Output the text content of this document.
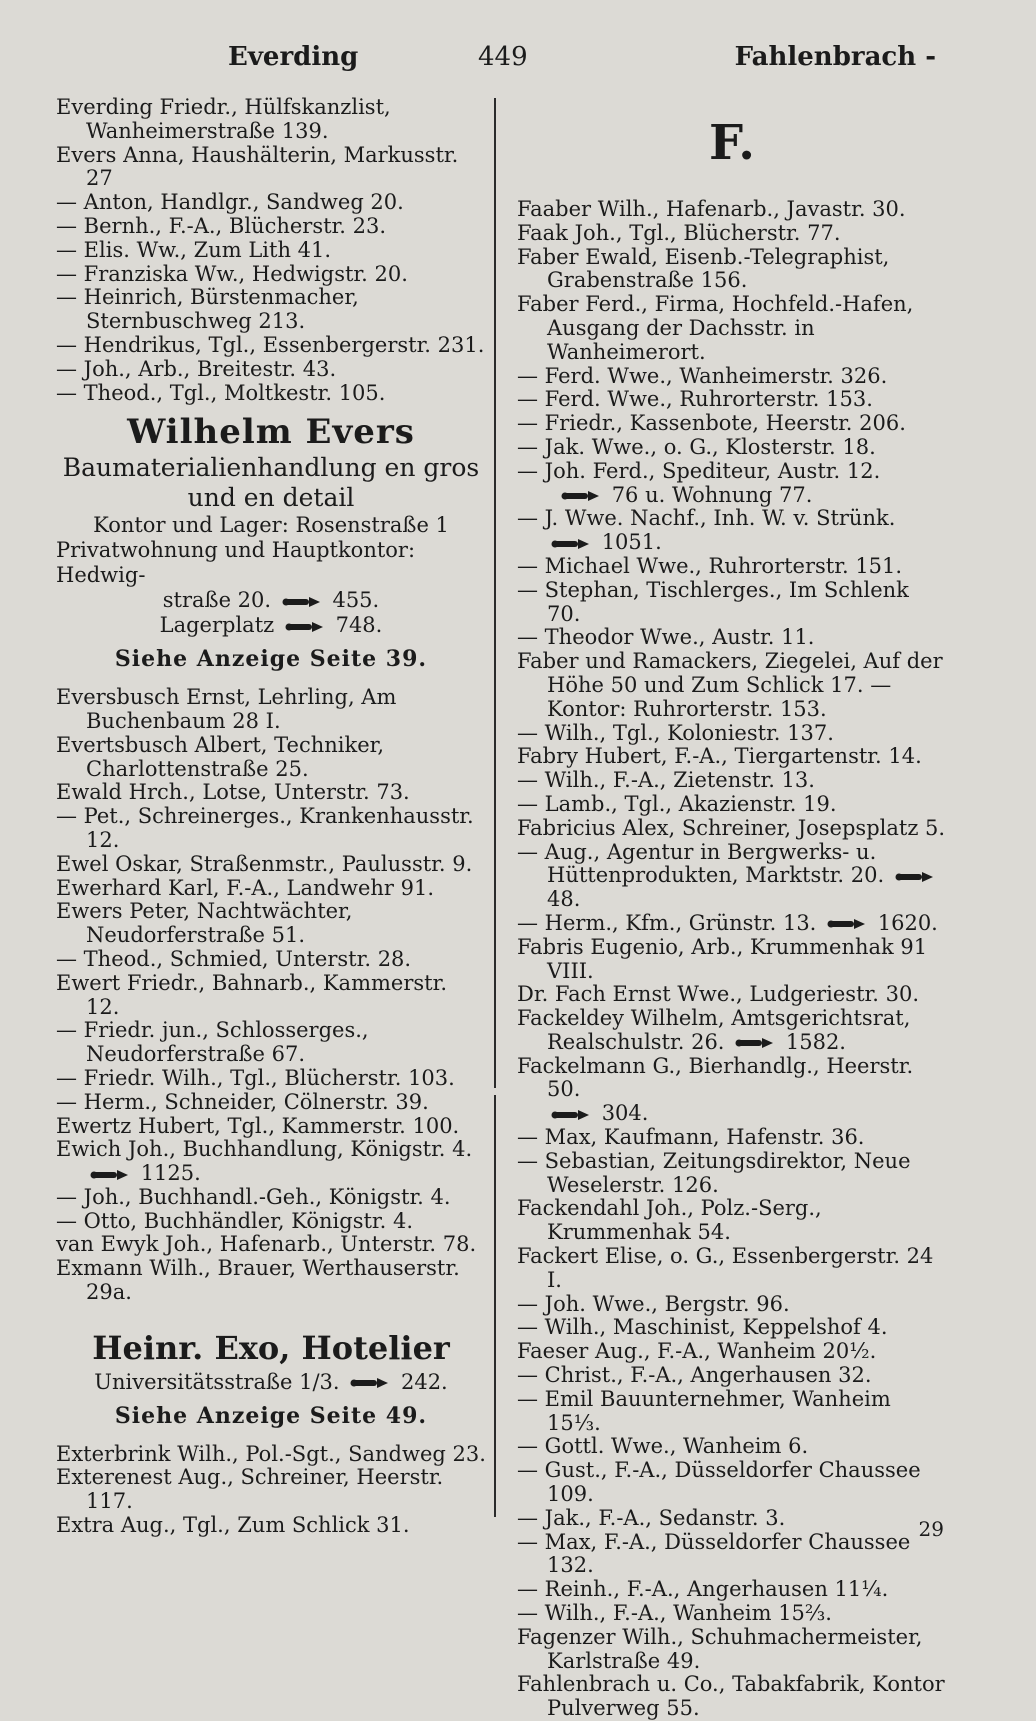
Everding	449	Fahlenbrach -

Everding Friedr., Hülfskanzlist, Wanheimerstraße 139.

Evers Anna, Haushälterin, Markusstr. 27

— Anton, Handlgr., Sandweg 20.

— Bernh., F.-A., Blücherstr. 23.

— Elis. Ww., Zum Lith 41.

— Franziska Ww., Hedwigstr. 20.

— Heinrich, Bürstenmacher, Sternbuschweg 213.

— Hendrikus, Tgl., Essenbergerstr. 231.

— Joh., Arb., Breitestr. 43.

— Theod., Tgl., Moltkestr. 105.

Wilhelm Evers
Baumaterialienhandlung en gros
und en detail
Kontor und Lager: Rosenstraße 1
Privatwohnung und Hauptkontor: Hedwig-
straße 20.	455.
Lagerplatz	748.
Siehe Anzeige Seite 39.

Eversbusch Ernst, Lehrling, Am Buchenbaum 28 I.

Evertsbusch Albert, Techniker, Charlottenstraße 25.

Ewald Hrch., Lotse, Unterstr. 73.

— Pet., Schreinerges., Krankenhausstr. 12.

Ewel Oskar, Straßenmstr., Paulusstr. 9.

Ewerhard Karl, F.-A., Landwehr 91.

Ewers Peter, Nachtwächter, Neudorferstraße 51.

— Theod., Schmied, Unterstr. 28.

Ewert Friedr., Bahnarb., Kammerstr. 12.

— Friedr. jun., Schlosserges., Neudorferstraße 67.

— Friedr. Wilh., Tgl., Blücherstr. 103.

— Herm., Schneider, Cölnerstr. 39.

Ewertz Hubert, Tgl., Kammerstr. 100.

Ewich Joh., Buchhandlung, Königstr. 4.
1125.

— Joh., Buchhandl.-Geh., Königstr. 4.

— Otto, Buchhändler, Königstr. 4.

van Ewyk Joh., Hafenarb., Unterstr. 78.

Exmann Wilh., Brauer, Werthauserstr. 29a.

Heinr. Exo, Hotelier
Universitätsstraße 1/3.	242.
Siehe Anzeige Seite 49.

Exterbrink Wilh., Pol.-Sgt., Sandweg 23.

Exterenest Aug., Schreiner, Heerstr. 117.

Extra Aug., Tgl., Zum Schlick 31.

F.

Faaber Wilh., Hafenarb., Javastr. 30.

Faak Joh., Tgl., Blücherstr. 77.

Faber Ewald, Eisenb.-Telegraphist, Grabenstraße 156.

Faber Ferd., Firma, Hochfeld.-Hafen, Ausgang der Dachsstr. in Wanheimerort.

— Ferd. Wwe., Wanheimerstr. 326.

— Ferd. Wwe., Ruhrorterstr. 153.

— Friedr., Kassenbote, Heerstr. 206.

— Jak. Wwe., o. G., Klosterstr. 18.

— Joh. Ferd., Spediteur, Austr. 12.

76 u. Wohnung 77.

— J. Wwe. Nachf., Inh. W. v. Strünk.
1051.

— Michael Wwe., Ruhrorterstr. 151.

— Stephan, Tischlerges., Im Schlenk 70.

— Theodor Wwe., Austr. 11.

Faber und Ramackers, Ziegelei, Auf der Höhe 50 und Zum Schlick 17. — Kontor: Ruhrorterstr. 153.

— Wilh., Tgl., Koloniestr. 137.

Fabry Hubert, F.-A., Tiergartenstr. 14.

— Wilh., F.-A., Zietenstr. 13.

— Lamb., Tgl., Akazienstr. 19.

Fabricius Alex, Schreiner, Josepsplatz 5.

— Aug., Agentur in Bergwerks- u. Hüttenprodukten, Marktstr. 20.  48.

— Herm., Kfm., Grünstr. 13.	1620.

Fabris Eugenio, Arb., Krummenhak 91 VIII.

Dr. Fach Ernst Wwe., Ludgeriestr. 30.

Fackeldey Wilhelm, Amtsgerichtsrat, Realschulstr. 26.	1582.

Fackelmann G., Bierhandlg., Heerstr. 50.
304.

— Max, Kaufmann, Hafenstr. 36.

— Sebastian, Zeitungsdirektor, Neue Weselerstr. 126.

Fackendahl Joh., Polz.-Serg., Krummenhak 54.

Fackert Elise, o. G., Essenbergerstr. 24 I.

— Joh. Wwe., Bergstr. 96.

— Wilh., Maschinist, Keppelshof 4.

Faeser Aug., F.-A., Wanheim 20½.

— Christ., F.-A., Angerhausen 32.

— Emil Bauunternehmer, Wanheim 15⅓.

— Gottl. Wwe., Wanheim 6.

— Gust., F.-A., Düsseldorfer Chaussee 109.

— Jak., F.-A., Sedanstr. 3.

— Max, F.-A., Düsseldorfer Chaussee 132.

— Reinh., F.-A., Angerhausen 11¼.

— Wilh., F.-A., Wanheim 15⅔.

Fagenzer Wilh., Schuhmachermeister, Karlstraße 49.

Fahlenbrach u. Co., Tabakfabrik, Kontor Pulverweg 55.

29
